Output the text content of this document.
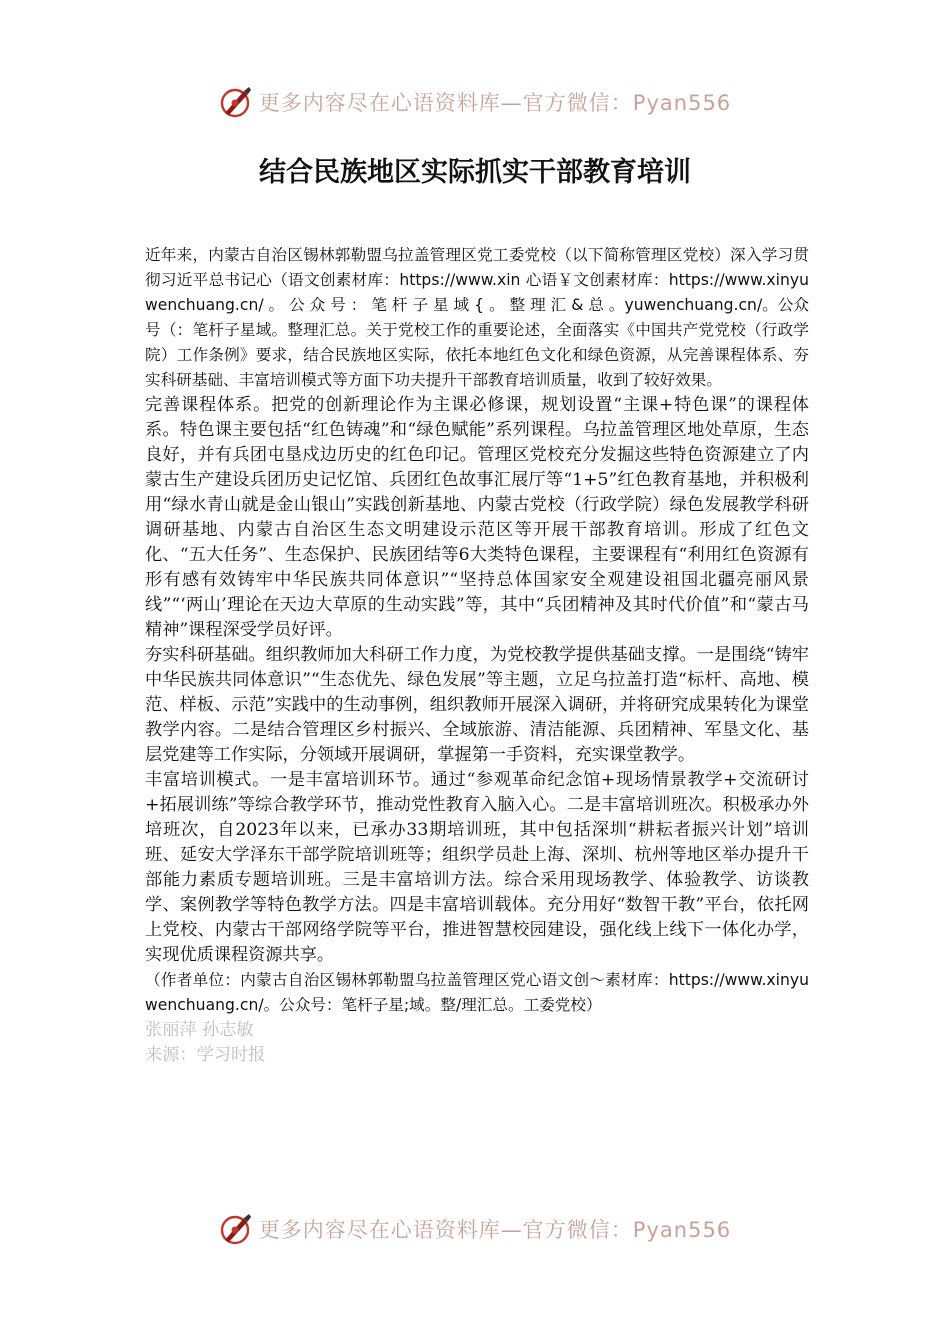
更多内容尽在心语资料库—官方微信：Pyan556
结合民族地区实际抓实干部教育培训

近年来，内蒙古自治区锡林郭勒盟乌拉盖管理区党工委党校（以下简称管理区党校）深入学习贯彻习近平总书记心（语文创素材库：https://www.xin 心语￥文创素材库：https://www.xinyuwenchuang.cn/ 。 公 众 号 ： 笔 杆 子 星 域 { 。 整 理 汇 & 总 。yuwenchuang.cn/。公众号（：笔杆子星域。整理汇总。关于党校工作的重要论述，全面落实《中国共产党党校（行政学院）工作条例》要求，结合民族地区实际，依托本地红色文化和绿色资源，从完善课程体系、夯实科研基础、丰富培训模式等方面下功夫提升干部教育培训质量，收到了较好效果。

完善课程体系。把党的创新理论作为主课必修课，规划设置“主课+特色课”的课程体系。特色课主要包括“红色铸魂”和“绿色赋能”系列课程。乌拉盖管理区地处草原，生态良好，并有兵团屯垦戍边历史的红色印记。管理区党校充分发掘这些特色资源建立了内蒙古生产建设兵团历史记忆馆、兵团红色故事汇展厅等“1+5”红色教育基地，并积极利用“绿水青山就是金山银山”实践创新基地、内蒙古党校（行政学院）绿色发展教学科研调研基地、内蒙古自治区生态文明建设示范区等开展干部教育培训。形成了红色文化、“五大任务”、生态保护、民族团结等6大类特色课程，主要课程有“利用红色资源有形有感有效铸牢中华民族共同体意识”“坚持总体国家安全观建设祖国北疆亮丽风景线”“‘两山’理论在天边大草原的生动实践”等，其中“兵团精神及其时代价值”和“蒙古马精神”课程深受学员好评。

夯实科研基础。组织教师加大科研工作力度，为党校教学提供基础支撑。一是围绕“铸牢中华民族共同体意识”“生态优先、绿色发展”等主题，立足乌拉盖打造“标杆、高地、模范、样板、示范”实践中的生动事例，组织教师开展深入调研，并将研究成果转化为课堂教学内容。二是结合管理区乡村振兴、全域旅游、清洁能源、兵团精神、军垦文化、基层党建等工作实际，分领域开展调研，掌握第一手资料，充实课堂教学。

丰富培训模式。一是丰富培训环节。通过“参观革命纪念馆+现场情景教学+交流研讨+拓展训练”等综合教学环节，推动党性教育入脑入心。二是丰富培训班次。积极承办外培班次，自2023年以来，已承办33期培训班，其中包括深圳“耕耘者振兴计划”培训班、延安大学泽东干部学院培训班等；组织学员赴上海、深圳、杭州等地区举办提升干部能力素质专题培训班。三是丰富培训方法。综合采用现场教学、体验教学、访谈教学、案例教学等特色教学方法。四是丰富培训载体。充分用好“数智干教”平台，依托网上党校、内蒙古干部网络学院等平台，推进智慧校园建设，强化线上线下一体化办学，实现优质课程资源共享。

（作者单位：内蒙古自治区锡林郭勒盟乌拉盖管理区党心语文创～素材库：https://www.xinyuwenchuang.cn/。公众号：笔杆子星;域。整/理汇总。工委党校）

张丽萍 孙志敏

来源：学习时报

更多内容尽在心语资料库—官方微信：Pyan556
